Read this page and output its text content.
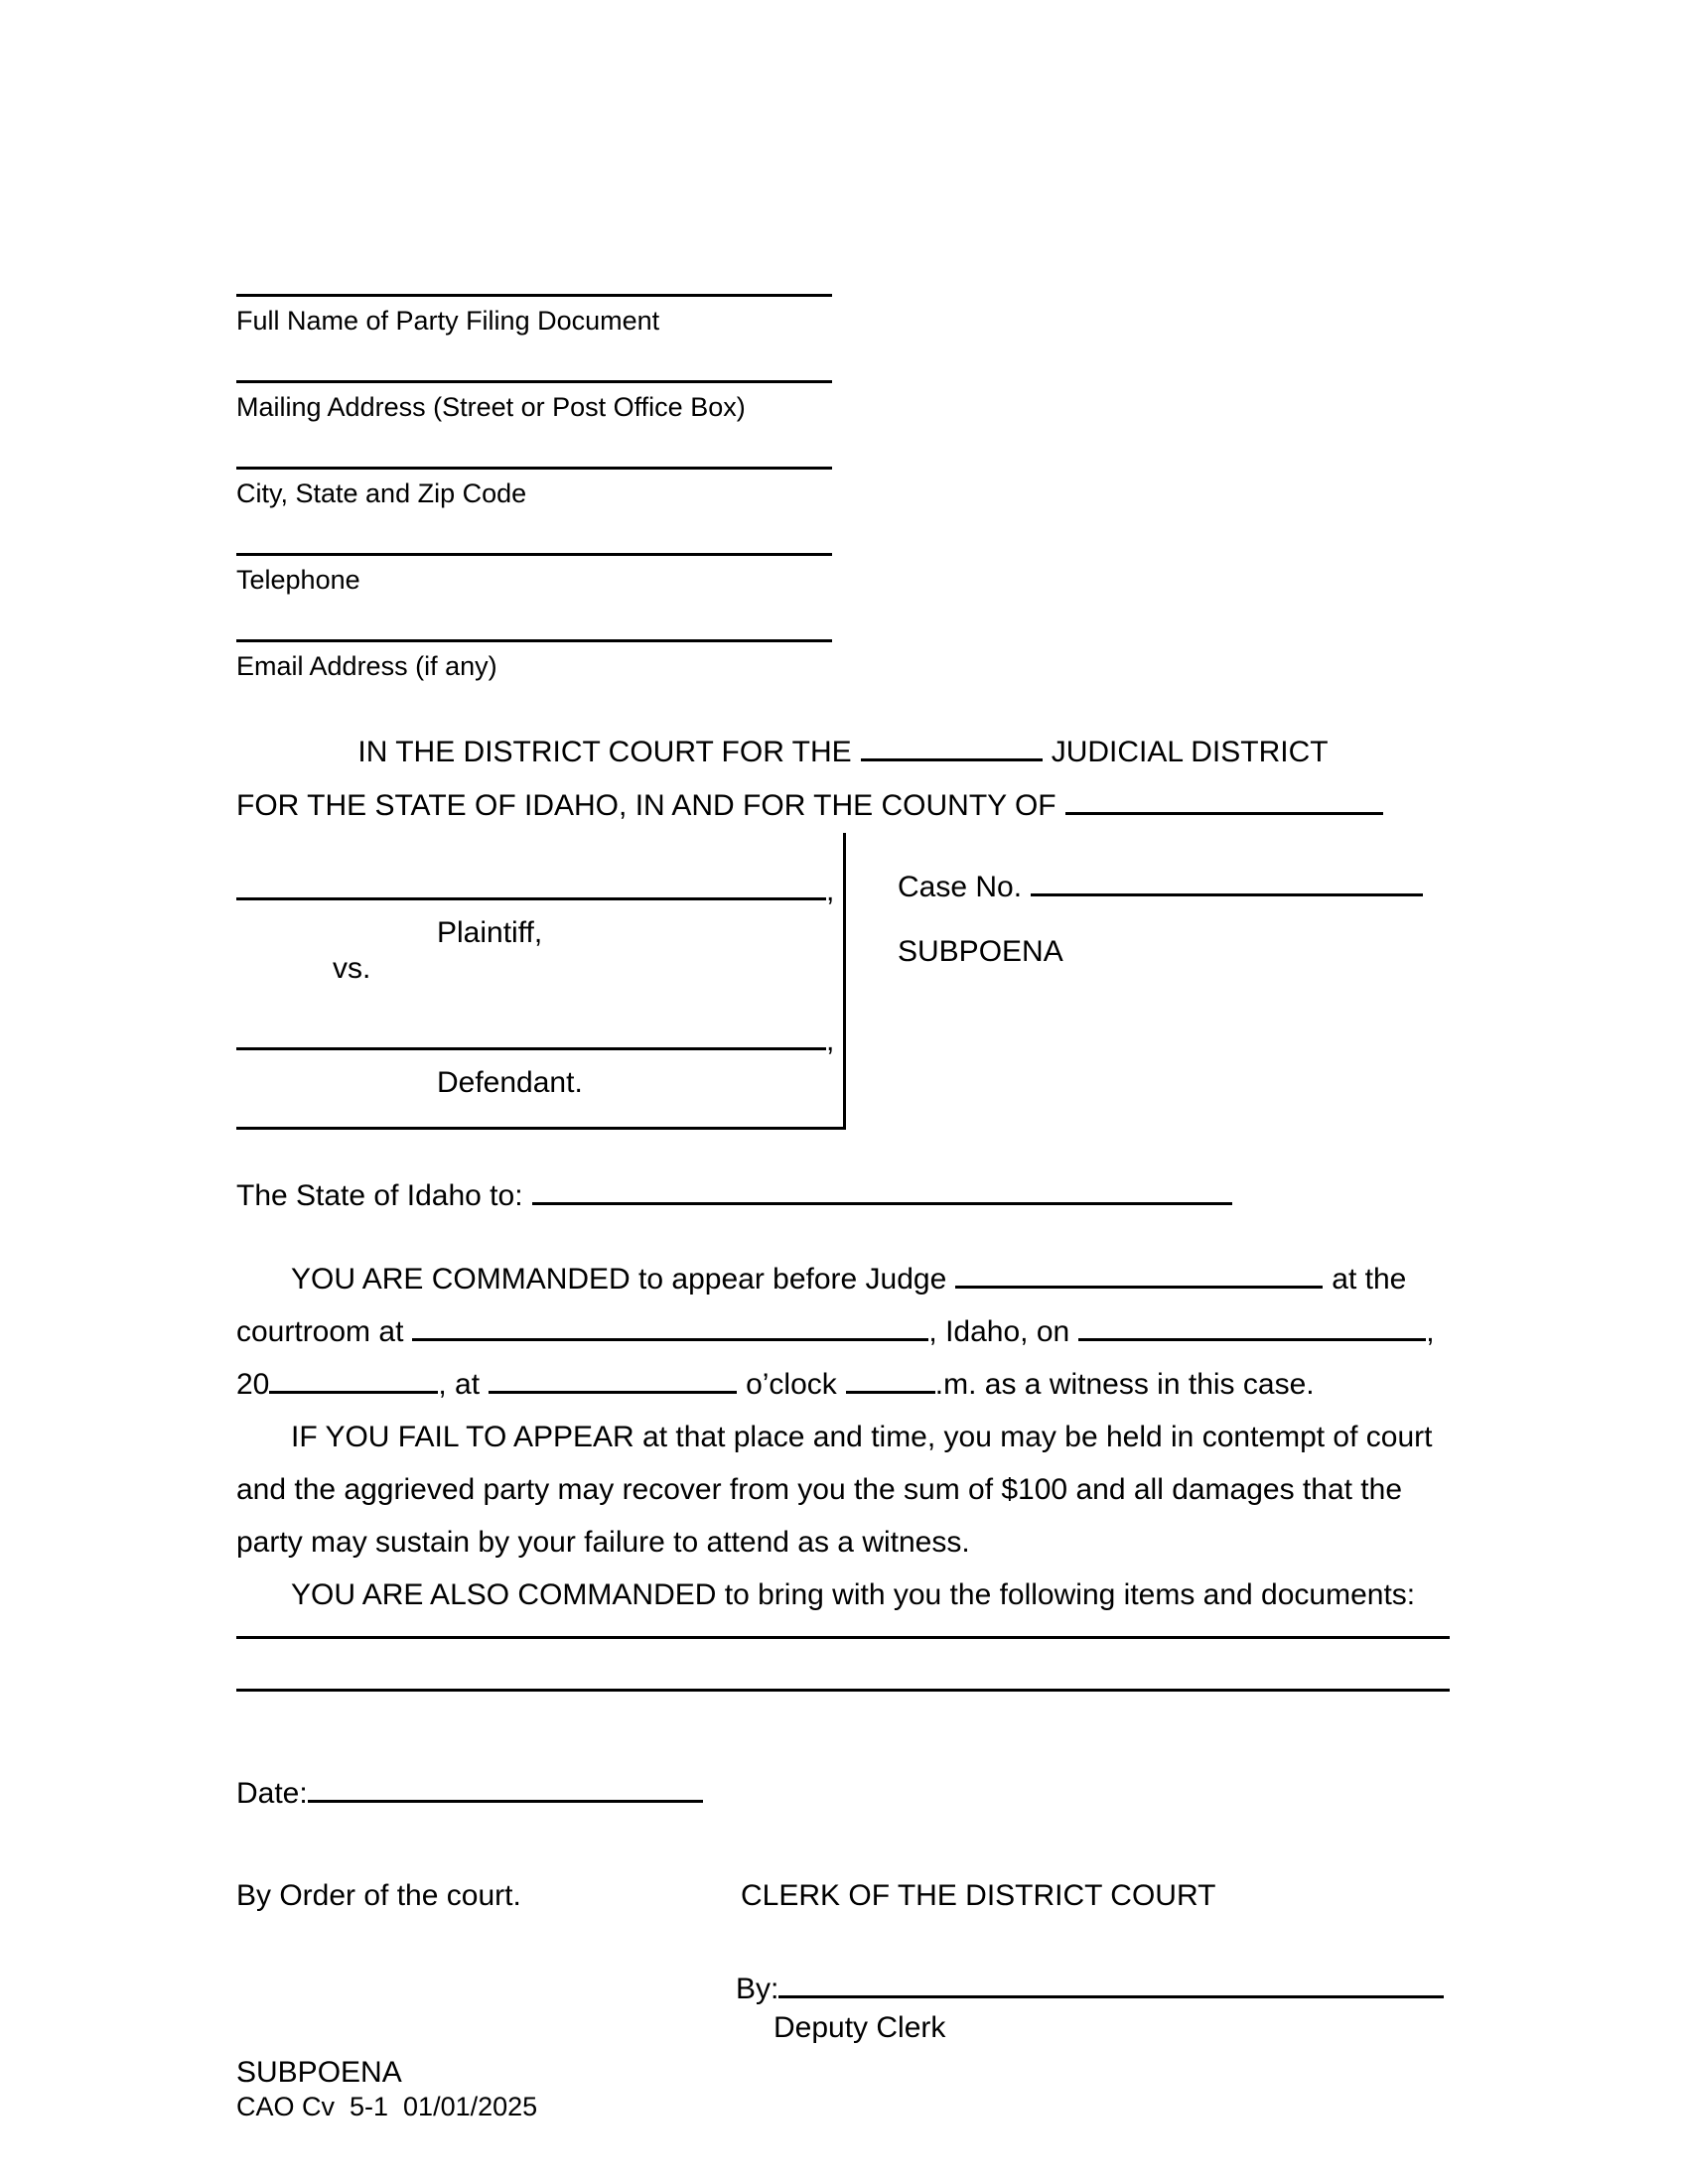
Full Name of Party Filing Document
Mailing Address (Street or Post Office Box)
City, State and Zip Code
Telephone
Email Address (if any)
IN THE DISTRICT COURT FOR THE	JUDICIAL DISTRICT
FOR THE STATE OF IDAHO, IN AND FOR THE COUNTY OF
,
Plaintiff,
vs.
,
Defendant.
Case No.
SUBPOENA
The State of Idaho to:
YOU ARE COMMANDED to appear before Judge	at the
courtroom at	, Idaho, on	,
20	, at	o’clock	.m. as a witness in this case.
IF YOU FAIL TO APPEAR at that place and time, you may be held in contempt of court
and the aggrieved party may recover from you the sum of $100 and all damages that the
party may sustain by your failure to attend as a witness.
YOU ARE ALSO COMMANDED to bring with you the following items and documents:
Date:
By Order of the court.	CLERK OF THE DISTRICT COURT
By:
Deputy Clerk
SUBPOENA
CAO Cv  5-1  01/01/2025
